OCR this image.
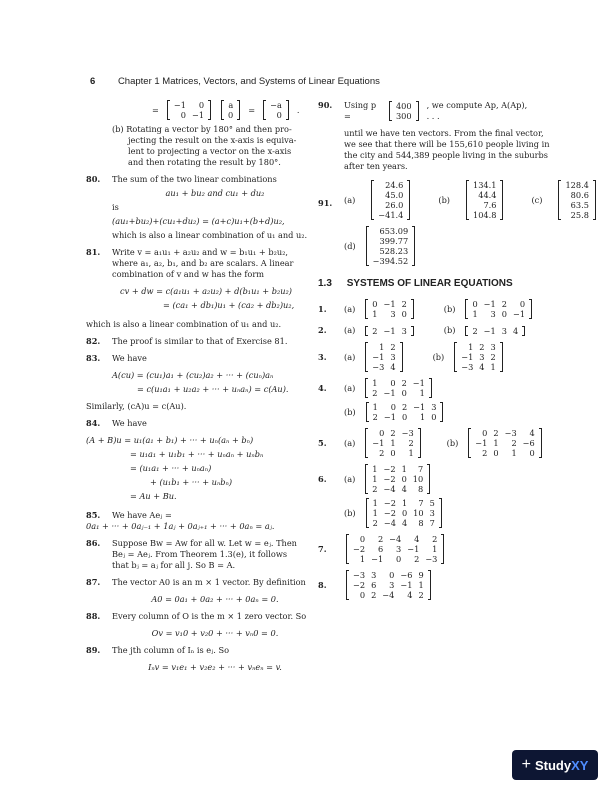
6 Chapter 1 Matrices, Vectors, and Systems of Linear Equations
= −1	0
0	−1
a
0
= −a
0
.
(b) Rotating a vector by 180° and then pro-
jecting the result on the x-axis is equiva-
lent to projecting a vector on the x-axis
and then rotating the result by 180°.
80. The sum of the two linear combinations
au₁ + bu₂ and cu₁ + du₂
is
(au₁+bu₂)+(cu₁+du₂) = (a+c)u₁+(b+d)u₂,
which is also a linear combination of u₁ and u₂.
81. Write v = a₁u₁ + a₂u₂ and w = b₁u₁ + b₂u₂,
where a₁, a₂, b₁, and b₂ are scalars. A linear
combination of v and w has the form
cv + dw = c(a₁u₁ + a₂u₂) + d(b₁u₁ + b₂u₂)
= (ca₁ + db₁)u₁ + (ca₂ + db₂)u₂,
which is also a linear combination of u₁ and u₂.
82. The proof is similar to that of Exercise 81.
83. We have
A(cu) = (cu₁)a₁ + (cu₂)a₂ + ··· + (cuₙ)aₙ
= c(u₁a₁ + u₂a₂ + ··· + uₙaₙ) = c(Au).
Similarly, (cA)u = c(Au).
84. We have
(A + B)u = u₁(a₁ + b₁) + ··· + uₙ(aₙ + bₙ)
= u₁a₁ + u₁b₁ + ··· + uₙaₙ + uₙbₙ
= (u₁a₁ + ··· + uₙaₙ)
+ (u₁b₁ + ··· + uₙbₙ)
= Au + Bu.
85. We have Aeⱼ =
0a₁ + ··· + 0aⱼ₋₁ + 1aⱼ + 0aⱼ₊₁ + ··· + 0aₙ = aⱼ.
86. Suppose Bw = Aw for all w. Let w = eⱼ. Then
Beⱼ = Aeⱼ. From Theorem 1.3(e), it follows
that bⱼ = aⱼ for all j. So B = A.
87. The vector A0 is an m × 1 vector. By definition
A0 = 0a₁ + 0a₂ + ··· + 0aₙ = 0.
88. Every column of O is the m × 1 zero vector. So
Ov = v₁0 + v₂0 + ··· + vₙ0 = 0.
89. The jth column of Iₙ is eⱼ. So
Iₙv = v₁e₁ + v₂e₂ + ··· + vₙeₙ = v.
90. Using p =
400
300
, we compute Ap, A(Ap), . . .
until we have ten vectors. From the final vector,
we see that there will be 155,610 people living in
the city and 544,389 people living in the suburbs
after ten years.
91. (a)
24.6
45.0
26.0
−41.4
(b)
134.1
44.4
7.6
104.8
(c)
128.4
80.6
63.5
25.8
(d)
653.09
399.77
528.23
−394.52
1.3 SYSTEMS OF LINEAR EQUATIONS
1. (a) 0	−1	2
1	3	0
(b) 0	−1	2	0
1	3	0	−1
2. (a) 2	−1	3	(b) 2	−1	3	4
3. (a)
1	2
−1	3
−3	4
(b)
1	2	3
−1	3	2
−3	4	1
4. (a) 1	0	2	−1
2	−1	0	1
(b) 1	0	2	−1	3
2	−1	0	1	0
5. (a)
0	2	−3
−1	1	2
2	0	1
(b)
0	2	−3	4
−1	1	2	−6
2	0	1	0
6. (a)
1	−2	1	7
1	−2	0	10
2	−4	4	8
(b)
1	−2	1	7	5
1	−2	0	10	3
2	−4	4	8	7
7.
0	2	−4	4	2
−2	6	3	−1	1
1	−1	0	2	−3
8.
−3	3	0	−6	9
−2	6	3	−1	1
0	2	−4	4	2
+ StudyXY
